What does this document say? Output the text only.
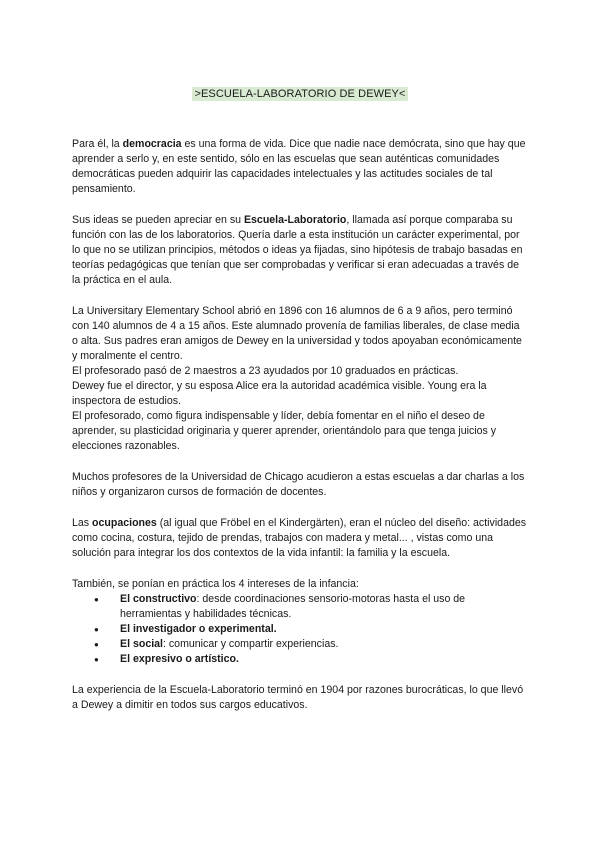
>ESCUELA-LABORATORIO DE DEWEY<

Para él, la democracia es una forma de vida. Dice que nadie nace demócrata, sino que hay que aprender a serlo y, en este sentido, sólo en las escuelas que sean auténticas comunidades democráticas pueden adquirir las capacidades intelectuales y las actitudes sociales de tal pensamiento.

Sus ideas se pueden apreciar en su Escuela-Laboratorio, llamada así porque comparaba su función con las de los laboratorios. Quería darle a esta institución un carácter experimental, por lo que no se utilizan principios, métodos o ideas ya fijadas, sino hipótesis de trabajo basadas en teorías pedagógicas que tenían que ser comprobadas y verificar si eran adecuadas a través de la práctica en el aula.

La Universitary Elementary School abrió en 1896 con 16 alumnos de 6 a 9 años, pero terminó con 140 alumnos de 4 a 15 años. Este alumnado provenía de familias liberales, de clase media o alta. Sus padres eran amigos de Dewey en la universidad y todos apoyaban económicamente y moralmente el centro.
El profesorado pasó de 2 maestros a 23 ayudados por 10 graduados en prácticas.
Dewey fue el director, y su esposa Alice era la autoridad académica visible. Young era la inspectora de estudios.
El profesorado, como figura indispensable y líder, debía fomentar en el niño el deseo de aprender, su plasticidad originaria y querer aprender, orientándolo para que tenga juicios y elecciones razonables.

Muchos profesores de la Universidad de Chicago acudieron a estas escuelas a dar charlas a los niños y organizaron cursos de formación de docentes.

Las ocupaciones (al igual que Fröbel en el Kindergärten), eran el núcleo del diseño: actividades como cocina, costura, tejido de prendas, trabajos con madera y metal... , vistas como una solución para integrar los dos contextos de la vida infantil: la familia y la escuela.

También, se ponían en práctica los 4 intereses de la infancia:

● El constructivo: desde coordinaciones sensorio-motoras hasta el uso de herramientas y habilidades técnicas.
● El investigador o experimental.
● El social: comunicar y compartir experiencias.
● El expresivo o artístico.

La experiencia de la Escuela-Laboratorio terminó en 1904 por razones burocráticas, lo que llevó a Dewey a dimitir en todos sus cargos educativos.
